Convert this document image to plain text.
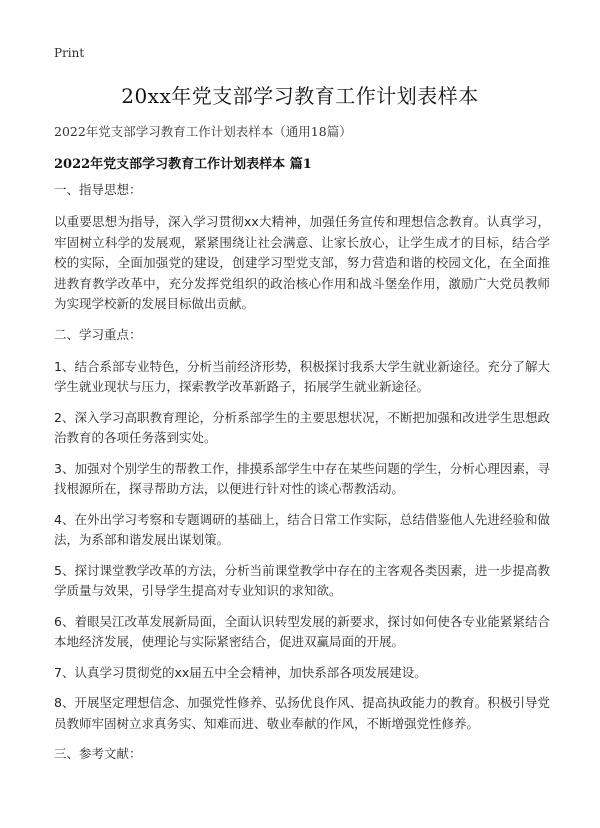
Print
20xx年党支部学习教育工作计划表样本
2022年党支部学习教育工作计划表样本（通用18篇）
2022年党支部学习教育工作计划表样本 篇1
一、指导思想：

以重要思想为指导，深入学习贯彻xx大精神，加强任务宣传和理想信念教育。认真学习，牢固树立科学的发展观，紧紧围绕让社会满意、让家长放心，让学生成才的目标，结合学校的实际，全面加强党的建设，创建学习型党支部，努力营造和谐的校园文化，在全面推进教育教学改革中，充分发挥党组织的政治核心作用和战斗堡垒作用，激励广大党员教师为实现学校新的发展目标做出贡献。

二、学习重点：

1、结合系部专业特色，分析当前经济形势，积极探讨我系大学生就业新途径。充分了解大学生就业现状与压力，探索教学改革新路子，拓展学生就业新途径。

2、深入学习高职教育理论，分析系部学生的主要思想状况，不断把加强和改进学生思想政治教育的各项任务落到实处。

3、加强对个别学生的帮教工作，排摸系部学生中存在某些问题的学生，分析心理因素，寻找根源所在，探寻帮助方法，以便进行针对性的谈心帮教活动。

4、在外出学习考察和专题调研的基础上，结合日常工作实际，总结借鉴他人先进经验和做法，为系部和谐发展出谋划策。

5、探讨课堂教学改革的方法，分析当前课堂教学中存在的主客观各类因素，进一步提高教学质量与效果，引导学生提高对专业知识的求知欲。

6、着眼吴江改革发展新局面，全面认识转型发展的新要求，探讨如何使各专业能紧紧结合本地经济发展，使理论与实际紧密结合，促进双赢局面的开展。

7、认真学习贯彻党的xx届五中全会精神，加快系部各项发展建设。

8、开展坚定理想信念、加强党性修养、弘扬优良作风、提高执政能力的教育。积极引导党员教师牢固树立求真务实、知难而进、敬业奉献的作风，不断增强党性修养。

三、参考文献：
